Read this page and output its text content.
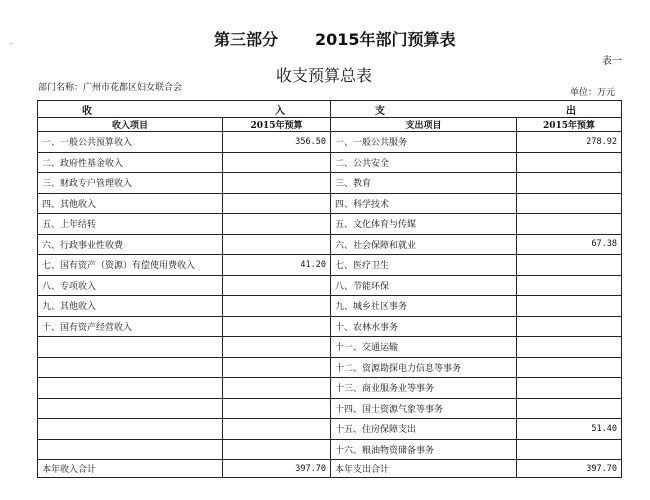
.	第三部分 2015年部门预算表
表一
收支预算总表
部门名称：广州市花都区妇女联合会	单位：万元
收 入		支 出	

收入项目	2015年预算	支出项目	2015年预算
一、一般公共预算收入	356.50	一、一般公共服务	278.92
二、政府性基金收入		二、公共安全	
三、财政专户管理收入		三、教育	
四、其他收入		四、科学技术	
五、上年结转		五、文化体育与传媒	
六、行政事业性收费		六、社会保障和就业	67.38
七、国有资产（资源）有偿使用费收入	41.20	七、医疗卫生	
八、专项收入		八、节能环保	
九、其他收入		九、城乡社区事务	
十、国有资产经营收入		十、农林水事务	
		十一、交通运输	
		十二、资源勘探电力信息等事务	
		十三、商业服务业等事务	
		十四、国土资源气象等事务	
		十五、住房保障支出	51.40
		十六、粮油物资储备事务	
本年收入合计	397.70	本年支出合计	397.70
